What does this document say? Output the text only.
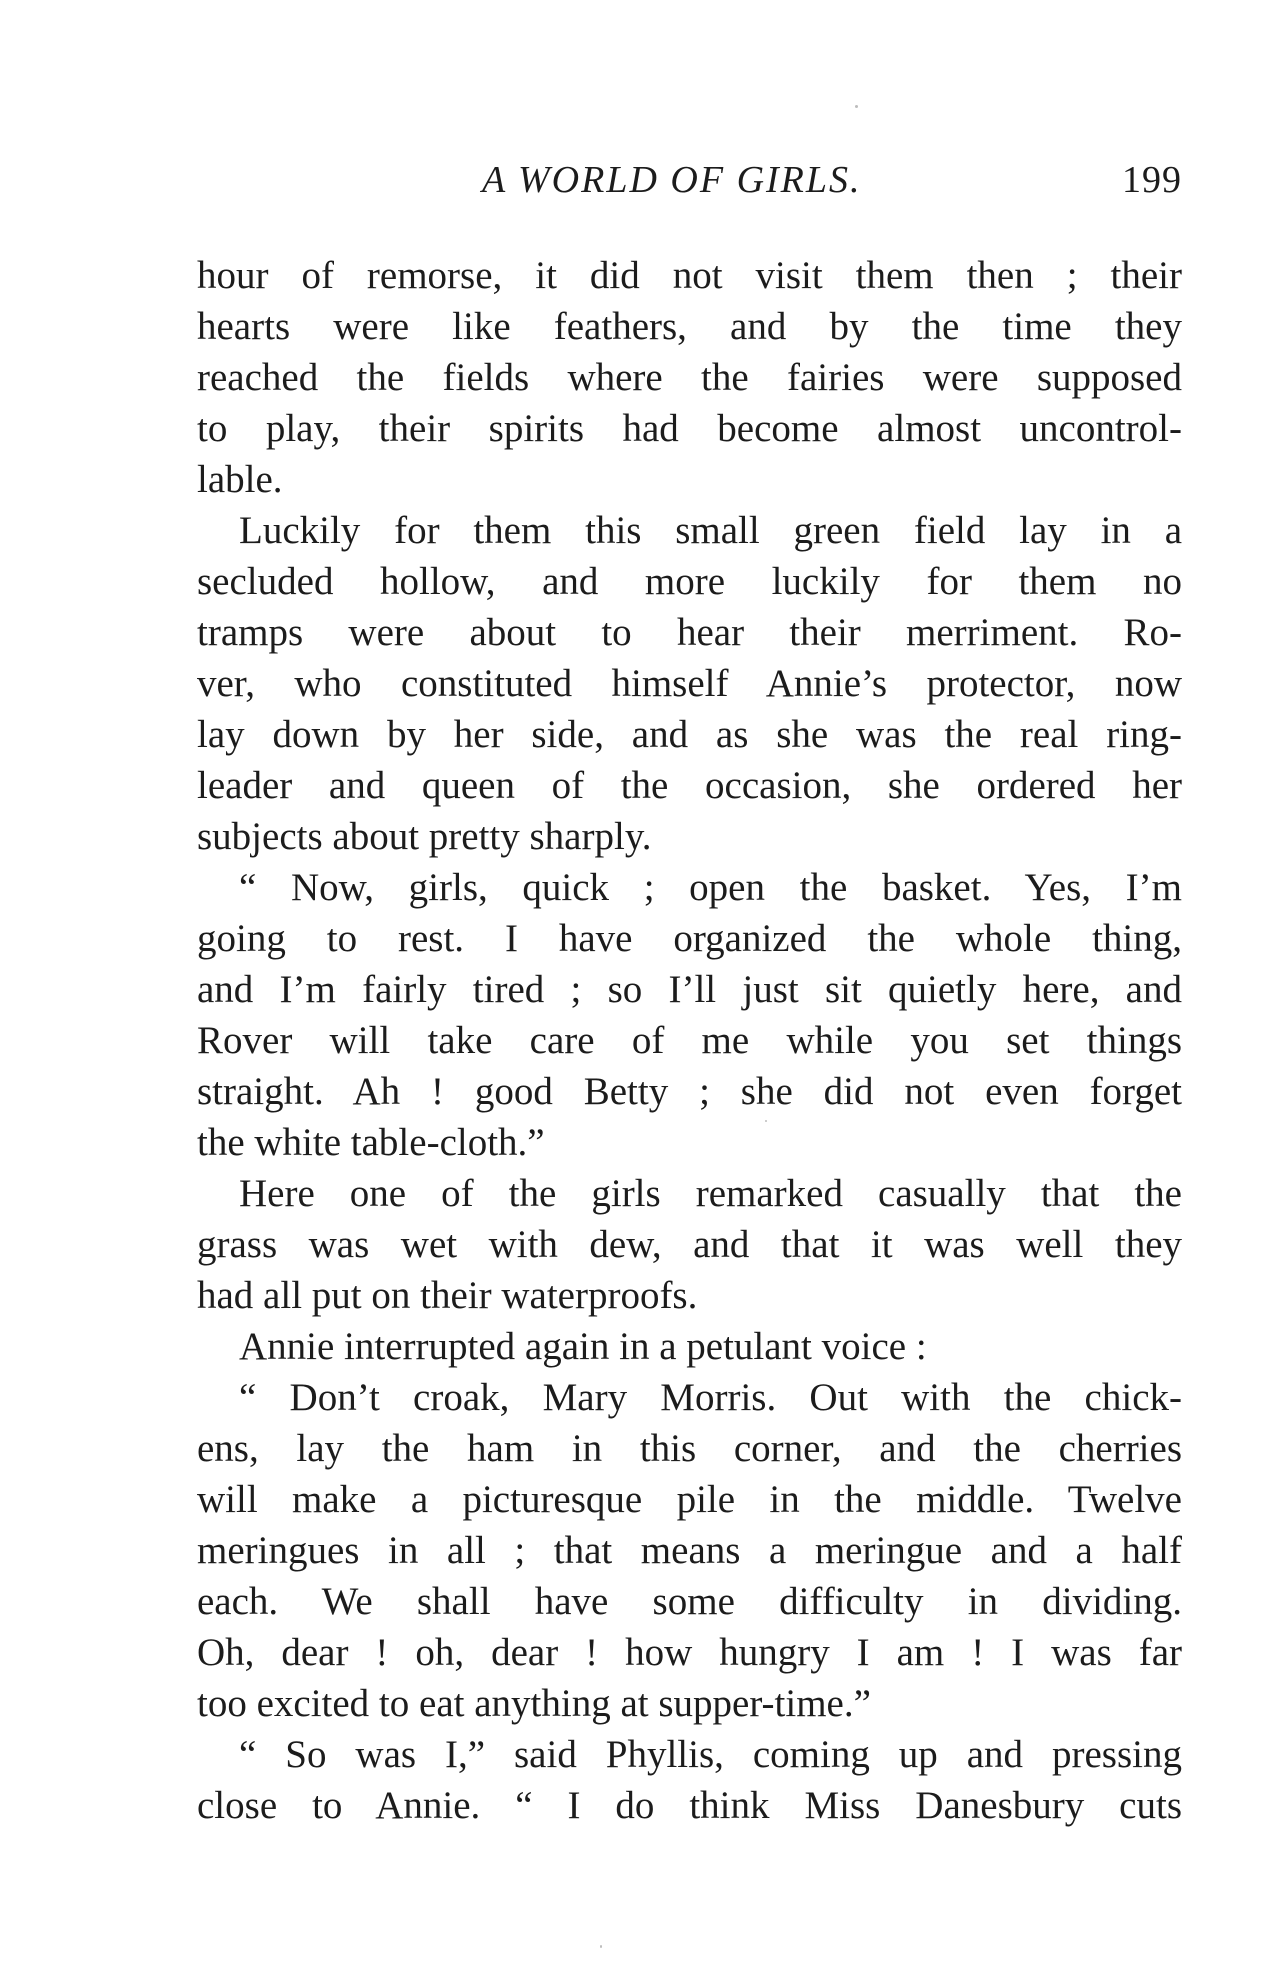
A WORLD OF GIRLS.	199
hour of remorse, it did not visit them then ; their
hearts were like feathers, and by the time they
reached the fields where the fairies were supposed
to play, their spirits had become almost uncontrol-
lable.
Luckily for them this small green field lay in a
secluded hollow, and more luckily for them no
tramps were about to hear their merriment. Ro-
ver, who constituted himself Annie’s protector, now
lay down by her side, and as she was the real ring-
leader and queen of the occasion, she ordered her
subjects about pretty sharply.
“ Now, girls, quick ; open the basket. Yes, I’m
going to rest. I have organized the whole thing,
and I’m fairly tired ; so I’ll just sit quietly here, and
Rover will take care of me while you set things
straight. Ah ! good Betty ; she did not even forget
the white table-cloth.”
Here one of the girls remarked casually that the
grass was wet with dew, and that it was well they
had all put on their waterproofs.
Annie interrupted again in a petulant voice :
“ Don’t croak, Mary Morris. Out with the chick-
ens, lay the ham in this corner, and the cherries
will make a picturesque pile in the middle. Twelve
meringues in all ; that means a meringue and a half
each. We shall have some difficulty in dividing.
Oh, dear ! oh, dear ! how hungry I am ! I was far
too excited to eat anything at supper-time.”
“ So was I,” said Phyllis, coming up and pressing
close to Annie. “ I do think Miss Danesbury cuts
